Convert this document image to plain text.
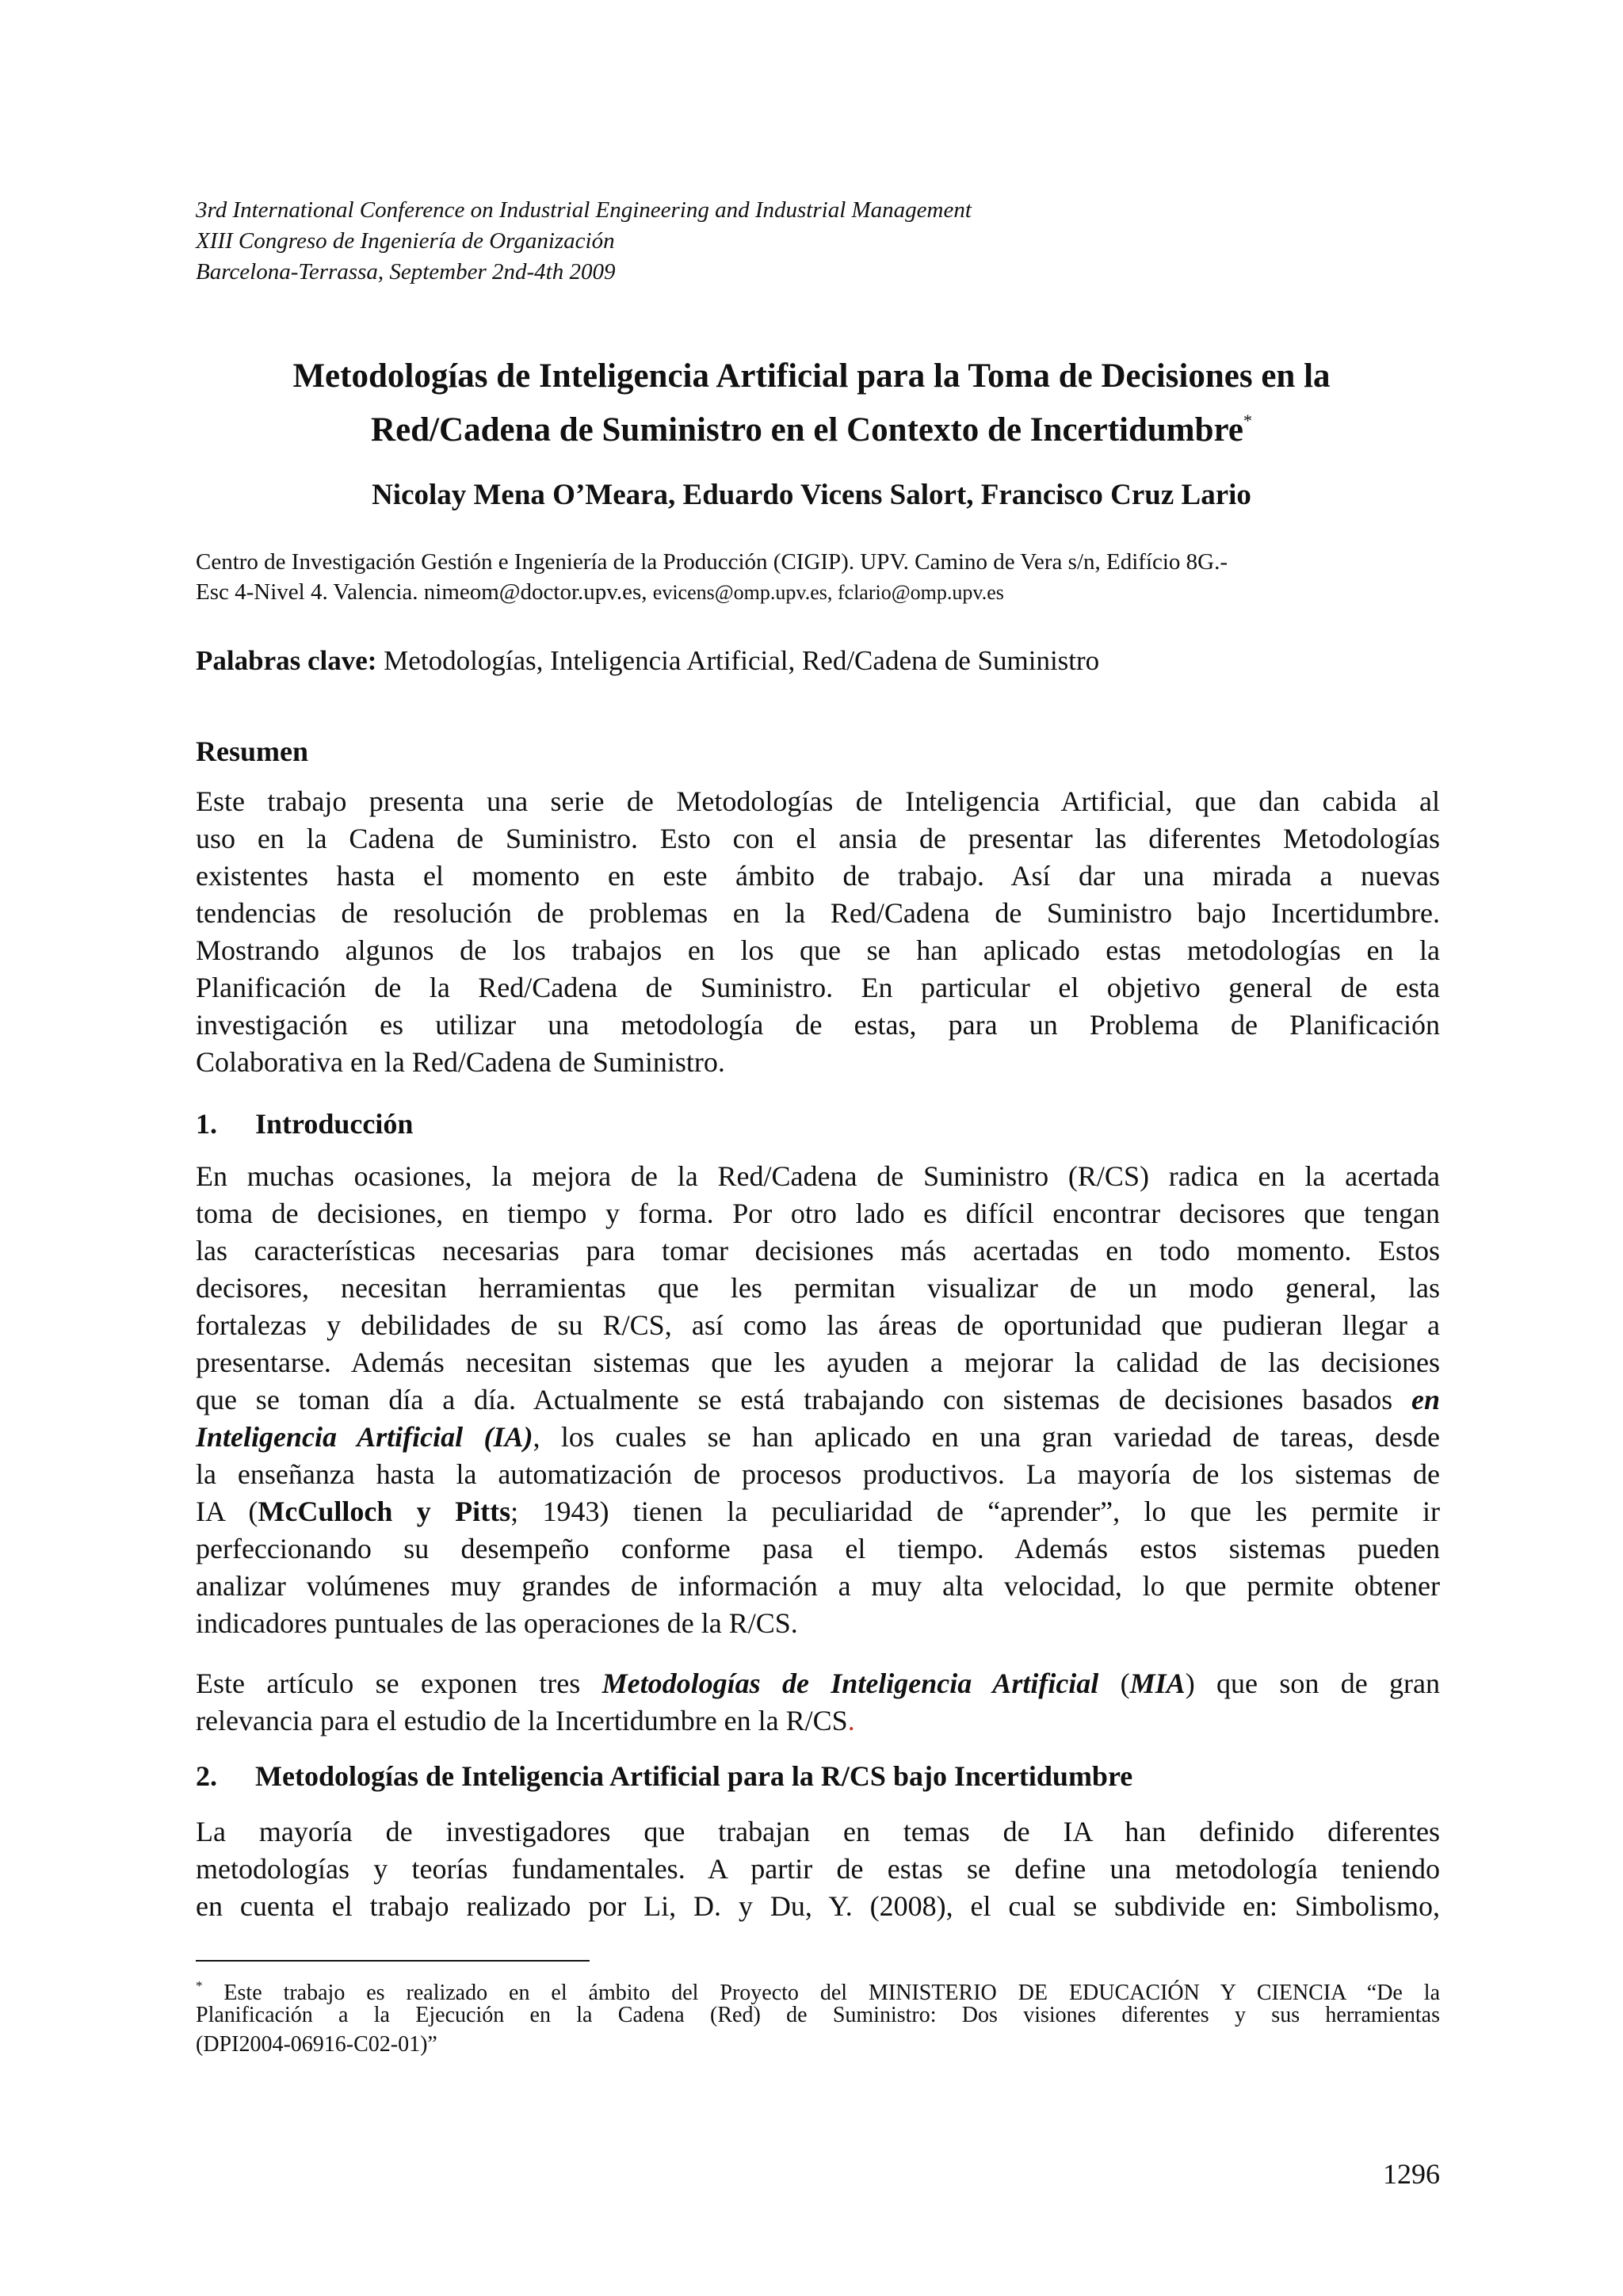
3rd International Conference on Industrial Engineering and Industrial Management
XIII Congreso de Ingeniería de Organización
Barcelona-Terrassa, September 2nd-4th 2009
Metodologías de Inteligencia Artificial para la Toma de Decisiones en la
Red/Cadena de Suministro en el Contexto de Incertidumbre*
Nicolay Mena O’Meara, Eduardo Vicens Salort, Francisco Cruz Lario
Centro de Investigación Gestión e Ingeniería de la Producción (CIGIP). UPV. Camino de Vera s/n, Edifício 8G.-
Esc 4-Nivel 4. Valencia. nimeom@doctor.upv.es, evicens@omp.upv.es, fclario@omp.upv.es
Palabras clave: Metodologías, Inteligencia Artificial, Red/Cadena de Suministro
Resumen
Este trabajo presenta una serie de Metodologías de Inteligencia Artificial, que dan cabida al
uso en la Cadena de Suministro. Esto con el ansia de presentar las diferentes Metodologías
existentes hasta el momento en este ámbito de trabajo. Así dar una mirada a nuevas
tendencias de resolución de problemas en la Red/Cadena de Suministro bajo Incertidumbre.
Mostrando algunos de los trabajos en los que se han aplicado estas metodologías en la
Planificación de la Red/Cadena de Suministro. En particular el objetivo general de esta
investigación es utilizar una metodología de estas, para un Problema de Planificación
Colaborativa en la Red/Cadena de Suministro.
1. Introducción
En muchas ocasiones, la mejora de la Red/Cadena de Suministro (R/CS) radica en la acertada
toma de decisiones, en tiempo y forma. Por otro lado es difícil encontrar decisores que tengan
las características necesarias para tomar decisiones más acertadas en todo momento. Estos
decisores, necesitan herramientas que les permitan visualizar de un modo general, las
fortalezas y debilidades de su R/CS, así como las áreas de oportunidad que pudieran llegar a
presentarse. Además necesitan sistemas que les ayuden a mejorar la calidad de las decisiones
que se toman día a día. Actualmente se está trabajando con sistemas de decisiones basados en
Inteligencia Artificial (IA), los cuales se han aplicado en una gran variedad de tareas, desde
la enseñanza hasta la automatización de procesos productivos. La mayoría de los sistemas de
IA (McCulloch y Pitts; 1943) tienen la peculiaridad de “aprender”, lo que les permite ir
perfeccionando su desempeño conforme pasa el tiempo. Además estos sistemas pueden
analizar volúmenes muy grandes de información a muy alta velocidad, lo que permite obtener
indicadores puntuales de las operaciones de la R/CS.
Este artículo se exponen tres Metodologías de Inteligencia Artificial (MIA) que son de gran
relevancia para el estudio de la Incertidumbre en la R/CS.
2. Metodologías de Inteligencia Artificial para la R/CS bajo Incertidumbre
La mayoría de investigadores que trabajan en temas de IA han definido diferentes
metodologías y teorías fundamentales. A partir de estas se define una metodología teniendo
en cuenta el trabajo realizado por Li, D. y Du, Y. (2008), el cual se subdivide en: Simbolismo,
* Este trabajo es realizado en el ámbito del Proyecto del MINISTERIO DE EDUCACIÓN Y CIENCIA “De la
Planificación a la Ejecución en la Cadena (Red) de Suministro: Dos visiones diferentes y sus herramientas
(DPI2004-06916-C02-01)”
1296
